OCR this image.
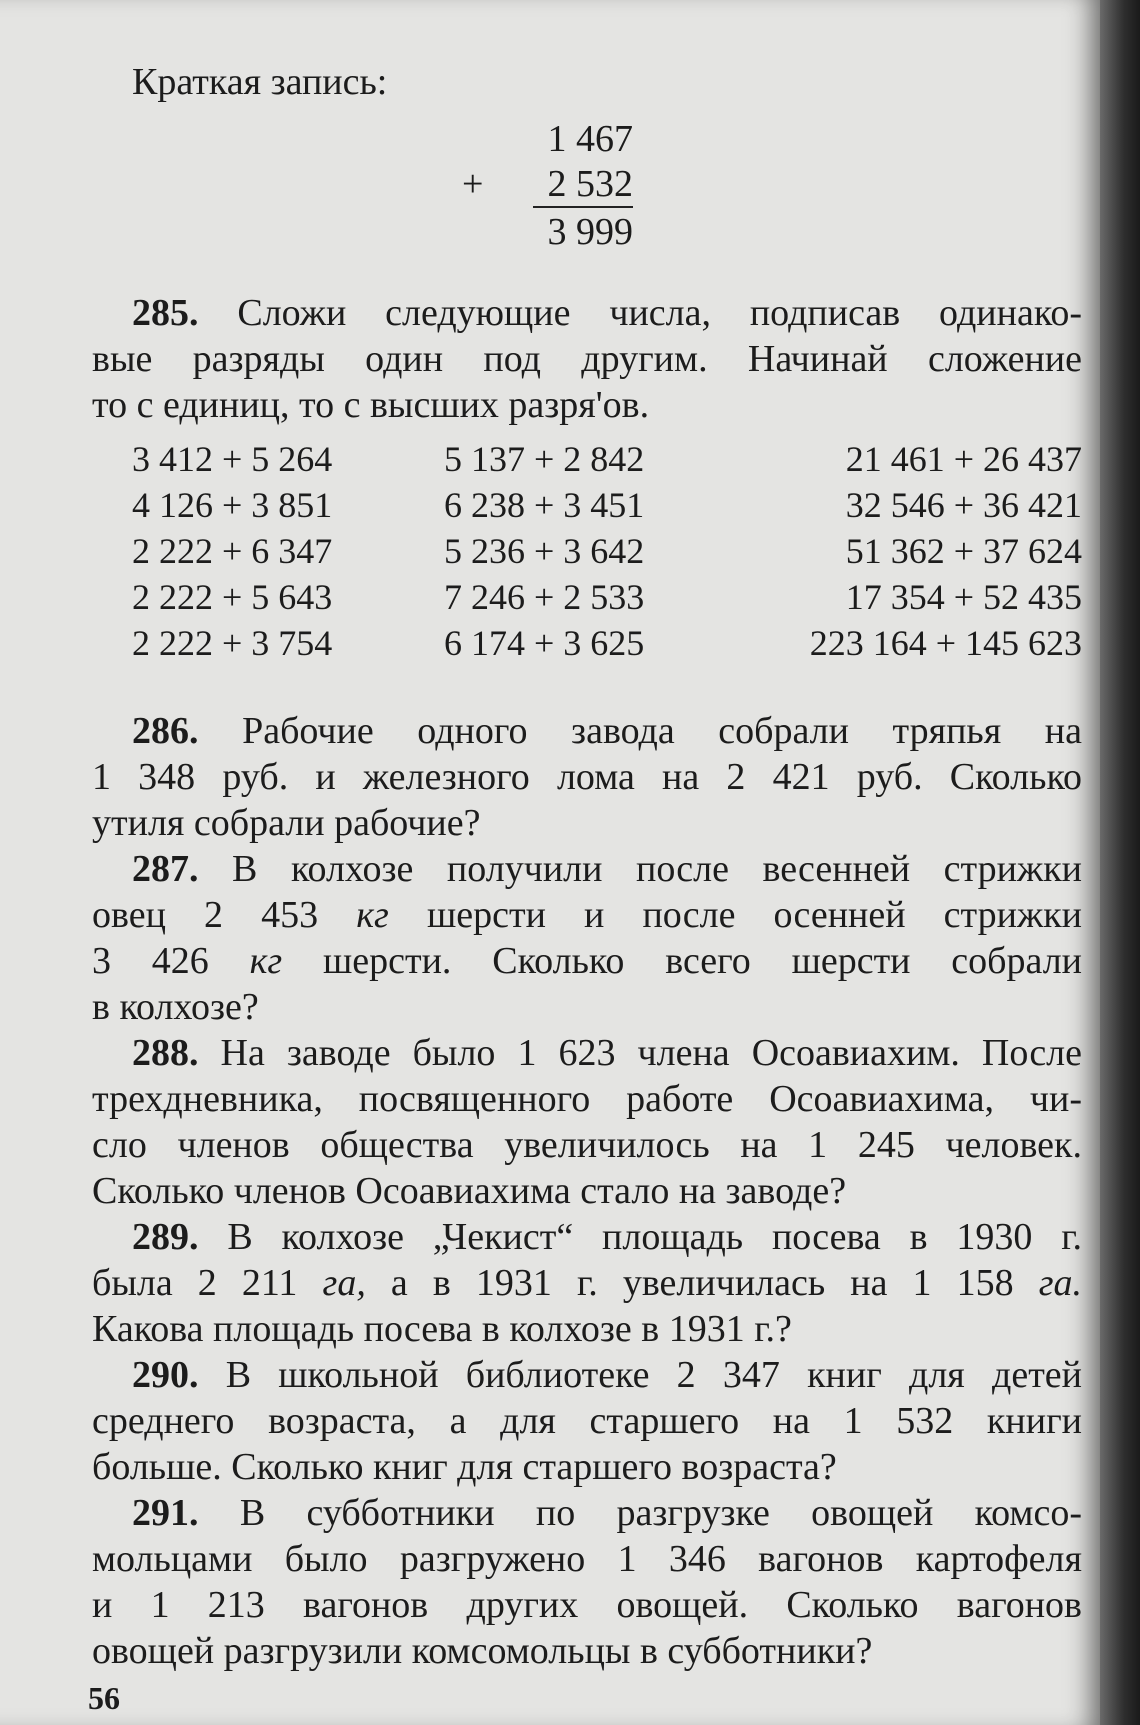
Краткая запись:
1 467
+	2 532
3 999
285. Сложи следующие числа, подписав одинако-
вые разряды один под другим. Начинай сложение
то с единиц, то с высших разря'ов.
3 412 + 5 264	5 137 + 2 842	21 461 + 26 437
4 126 + 3 851	6 238 + 3 451	32 546 + 36 421
2 222 + 6 347	5 236 + 3 642	51 362 + 37 624
2 222 + 5 643	7 246 + 2 533	17 354 + 52 435
2 222 + 3 754	6 174 + 3 625	223 164 + 145 623
286. Рабочие одного завода собрали тряпья на
1 348 руб. и железного лома на 2 421 руб. Сколько
утиля собрали рабочие?
287. В колхозе получили после весенней стрижки
овец 2 453 кг шерсти и после осенней стрижки
3 426 кг шерсти. Сколько всего шерсти собрали
в колхозе?
288. На заводе было 1 623 члена Осоавиахим. После
трехдневника, посвященного работе Осоавиахима, чи-
сло членов общества увеличилось на 1 245 человек.
Сколько членов Осоавиахима стало на заводе?
289. В колхозе „Чекист“ площадь посева в 1930 г.
была 2 211 га, а в 1931 г. увеличилась на 1 158 га.
Какова площадь посева в колхозе в 1931 г.?
290. В школьной библиотеке 2 347 книг для детей
среднего возраста, а для старшего на 1 532 книги
больше. Сколько книг для старшего возраста?
291. В субботники по разгрузке овощей комсо-
мольцами было разгружено 1 346 вагонов картофеля
и 1 213 вагонов других овощей. Сколько вагонов
овощей разгрузили комсомольцы в субботники?
56
